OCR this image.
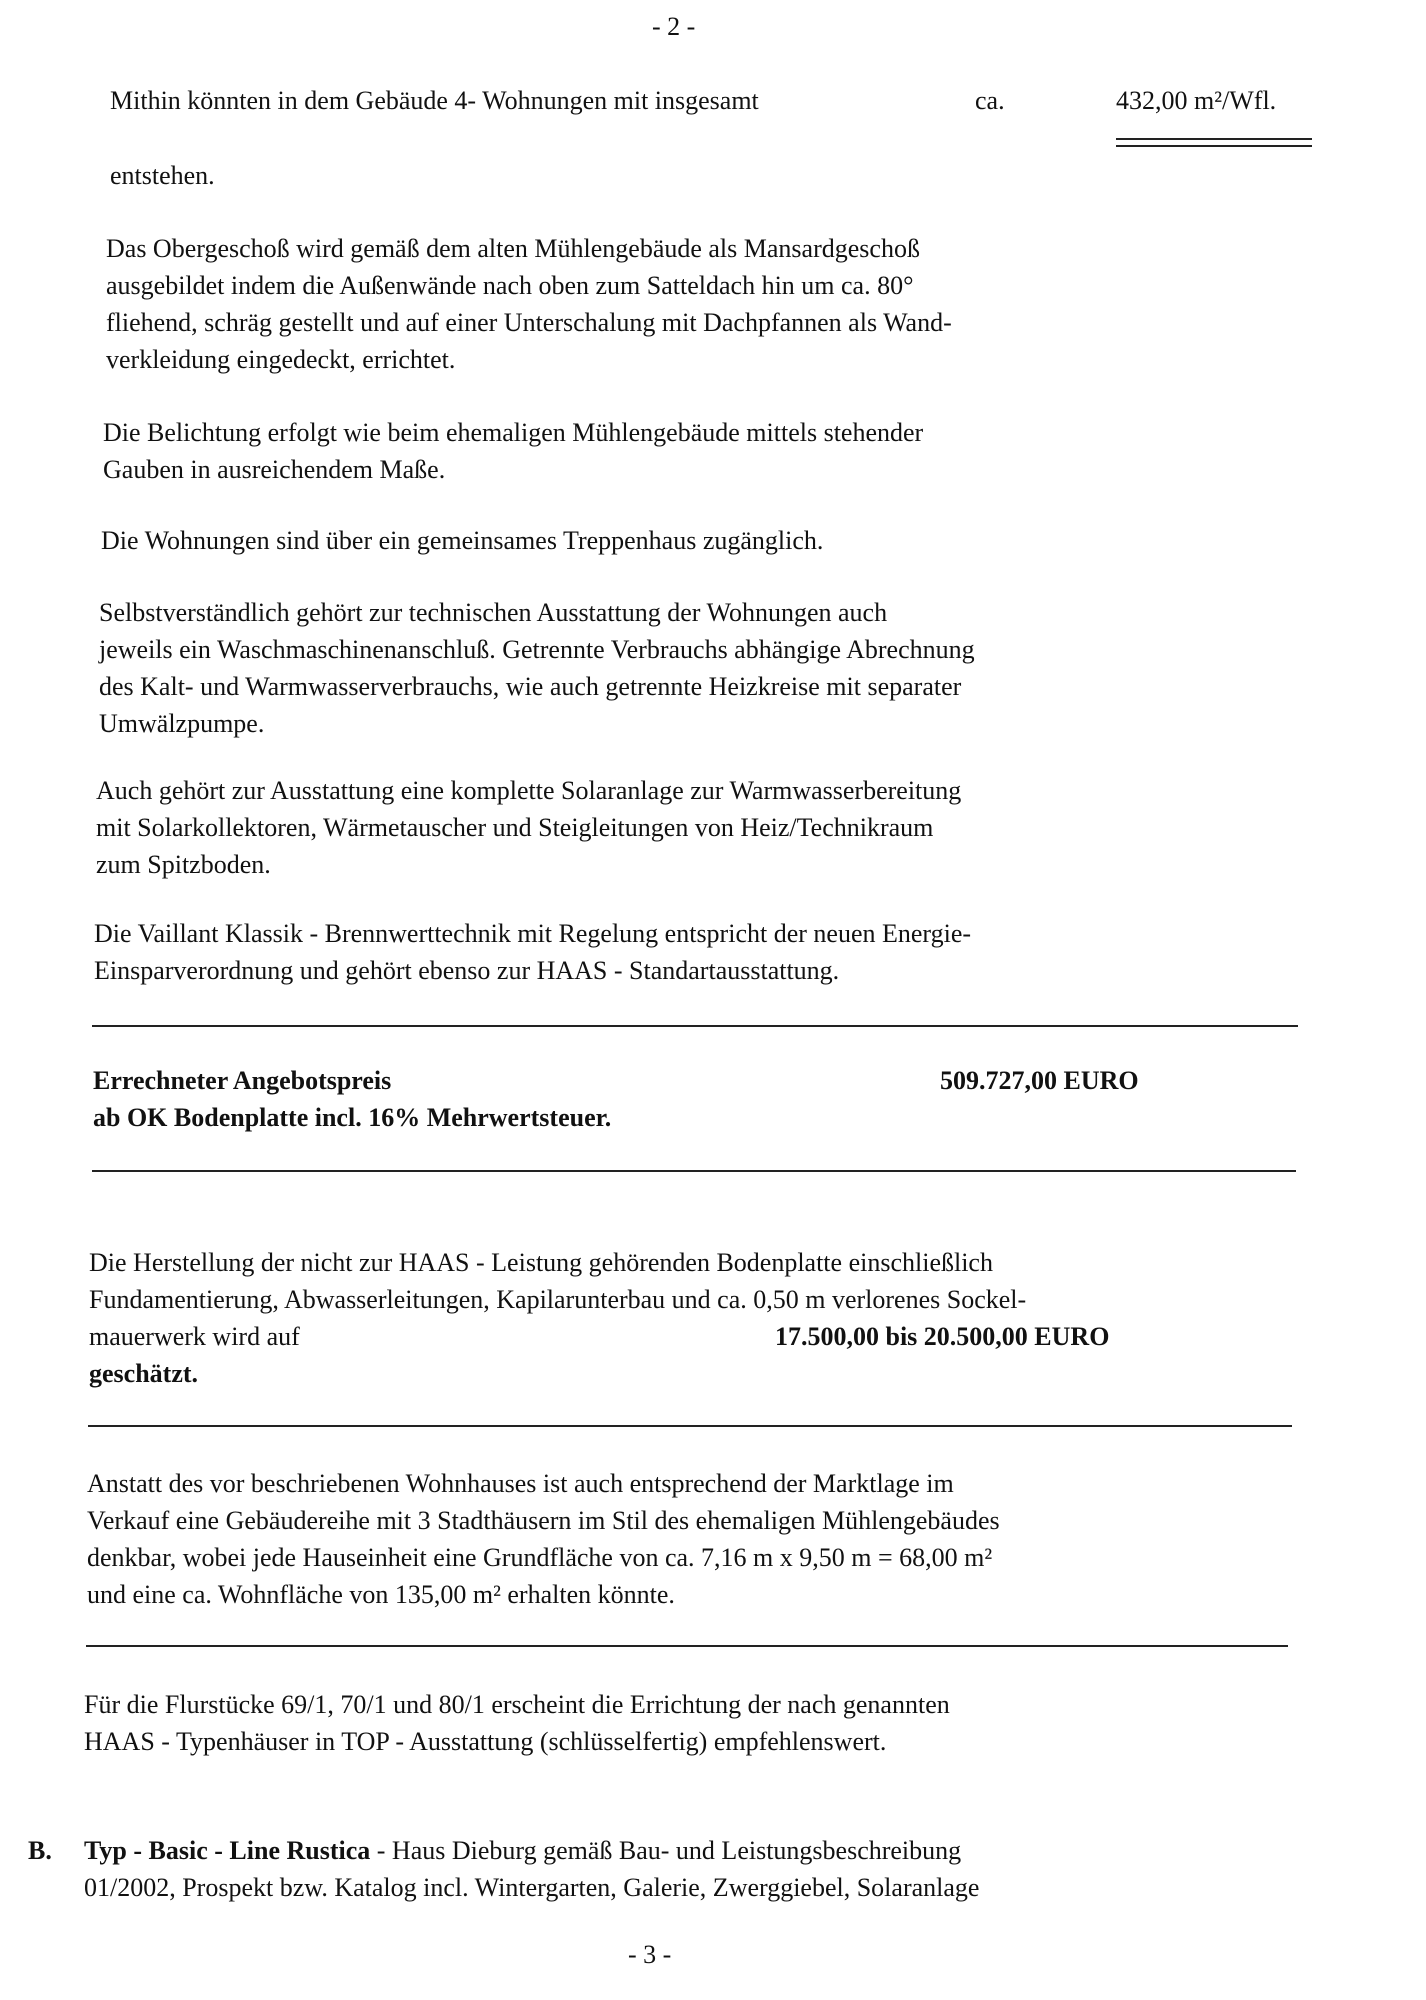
- 2 -
Mithin könnten in dem Gebäude 4- Wohnungen mit insgesamt	ca.	432,00 m²/Wfl.
entstehen.
Das Obergeschoß wird gemäß dem alten Mühlengebäude als Mansardgeschoß
ausgebildet indem die Außenwände nach oben zum Satteldach hin um ca. 80°
fliehend, schräg gestellt und auf einer Unterschalung mit Dachpfannen als Wand-
verkleidung eingedeckt, errichtet.
Die Belichtung erfolgt wie beim ehemaligen Mühlengebäude mittels stehender
Gauben in ausreichendem Maße.
Die Wohnungen sind über ein gemeinsames Treppenhaus zugänglich.
Selbstverständlich gehört zur technischen Ausstattung der Wohnungen auch
jeweils ein Waschmaschinenanschluß. Getrennte Verbrauchs abhängige Abrechnung
des Kalt- und Warmwasserverbrauchs, wie auch getrennte Heizkreise mit separater
Umwälzpumpe.
Auch gehört zur Ausstattung eine komplette Solaranlage zur Warmwasserbereitung
mit Solarkollektoren, Wärmetauscher und Steigleitungen von Heiz/Technikraum
zum Spitzboden.
Die Vaillant Klassik - Brennwerttechnik mit Regelung entspricht der neuen Energie-
Einsparverordnung und gehört ebenso zur HAAS - Standartausstattung.
Errechneter Angebotspreis
ab OK Bodenplatte incl. 16% Mehrwertsteuer.
509.727,00 EURO
Die Herstellung der nicht zur HAAS - Leistung gehörenden Bodenplatte einschließlich
Fundamentierung, Abwasserleitungen, Kapilarunterbau und ca. 0,50 m verlorenes Sockel-
mauerwerk wird auf
geschätzt.
17.500,00 bis 20.500,00 EURO
Anstatt des vor beschriebenen Wohnhauses ist auch entsprechend der Marktlage im
Verkauf eine Gebäudereihe mit 3 Stadthäusern im Stil des ehemaligen Mühlengebäudes
denkbar, wobei jede Hauseinheit eine Grundfläche von ca. 7,16 m x 9,50 m = 68,00 m²
und eine ca. Wohnfläche von 135,00 m² erhalten könnte.
Für die Flurstücke 69/1, 70/1 und 80/1 erscheint die Errichtung der nach genannten
HAAS - Typenhäuser in TOP - Ausstattung (schlüsselfertig) empfehlenswert.
B. Typ - Basic - Line Rustica - Haus Dieburg gemäß Bau- und Leistungsbeschreibung
01/2002, Prospekt bzw. Katalog incl. Wintergarten, Galerie, Zwerggiebel, Solaranlage
- 3 -
